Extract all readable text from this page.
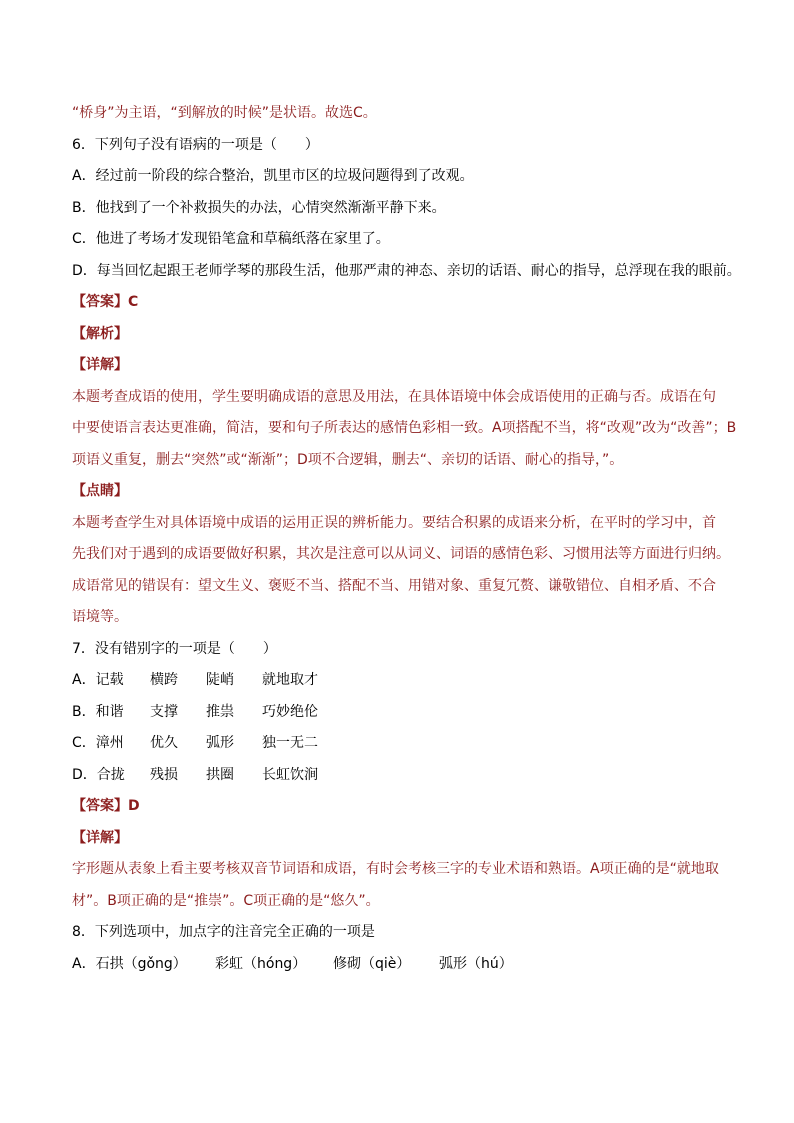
“桥身”为主语，“到解放的时候”是状语。故选C。
6．下列句子没有语病的一项是（　　）
A．经过前一阶段的综合整治，凯里市区的垃圾问题得到了改观。
B．他找到了一个补救损失的办法，心情突然渐渐平静下来。
C．他进了考场才发现铅笔盒和草稿纸落在家里了。
D．每当回忆起跟王老师学琴的那段生活，他那严肃的神态、亲切的话语、耐心的指导，总浮现在我的眼前。
【答案】C
【解析】
【详解】
本题考查成语的使用，学生要明确成语的意思及用法，在具体语境中体会成语使用的正确与否。成语在句
中要使语言表达更准确，简洁，要和句子所表达的感情色彩相一致。A项搭配不当，将“改观”改为“改善”；B
项语义重复，删去“突然”或“渐渐”；D项不合逻辑，删去“、亲切的话语、耐心的指导，”。
【点睛】
本题考查学生对具体语境中成语的运用正误的辨析能力。要结合积累的成语来分析，在平时的学习中，首
先我们对于遇到的成语要做好积累，其次是注意可以从词义、词语的感情色彩、习惯用法等方面进行归纳。
成语常见的错误有：望文生义、褒贬不当、搭配不当、用错对象、重复冗赘、谦敬错位、自相矛盾、不合
语境等。
7．没有错别字的一项是（　　）
A．记载 横跨 陡峭 就地取才
B．和谐 支撑 推祟 巧妙绝伦
C．漳州 优久 弧形 独一无二
D．合拢 残损 拱圈 长虹饮涧
【答案】D
【详解】
字形题从表象上看主要考核双音节词语和成语，有时会考核三字的专业术语和熟语。A项正确的是“就地取
材”。B项正确的是“推崇”。C项正确的是“悠久”。
8．下列选项中，加点字的注音完全正确的一项是
A．石拱（gǒng） 彩虹（hóng） 修砌（qiè） 弧形（hú）
